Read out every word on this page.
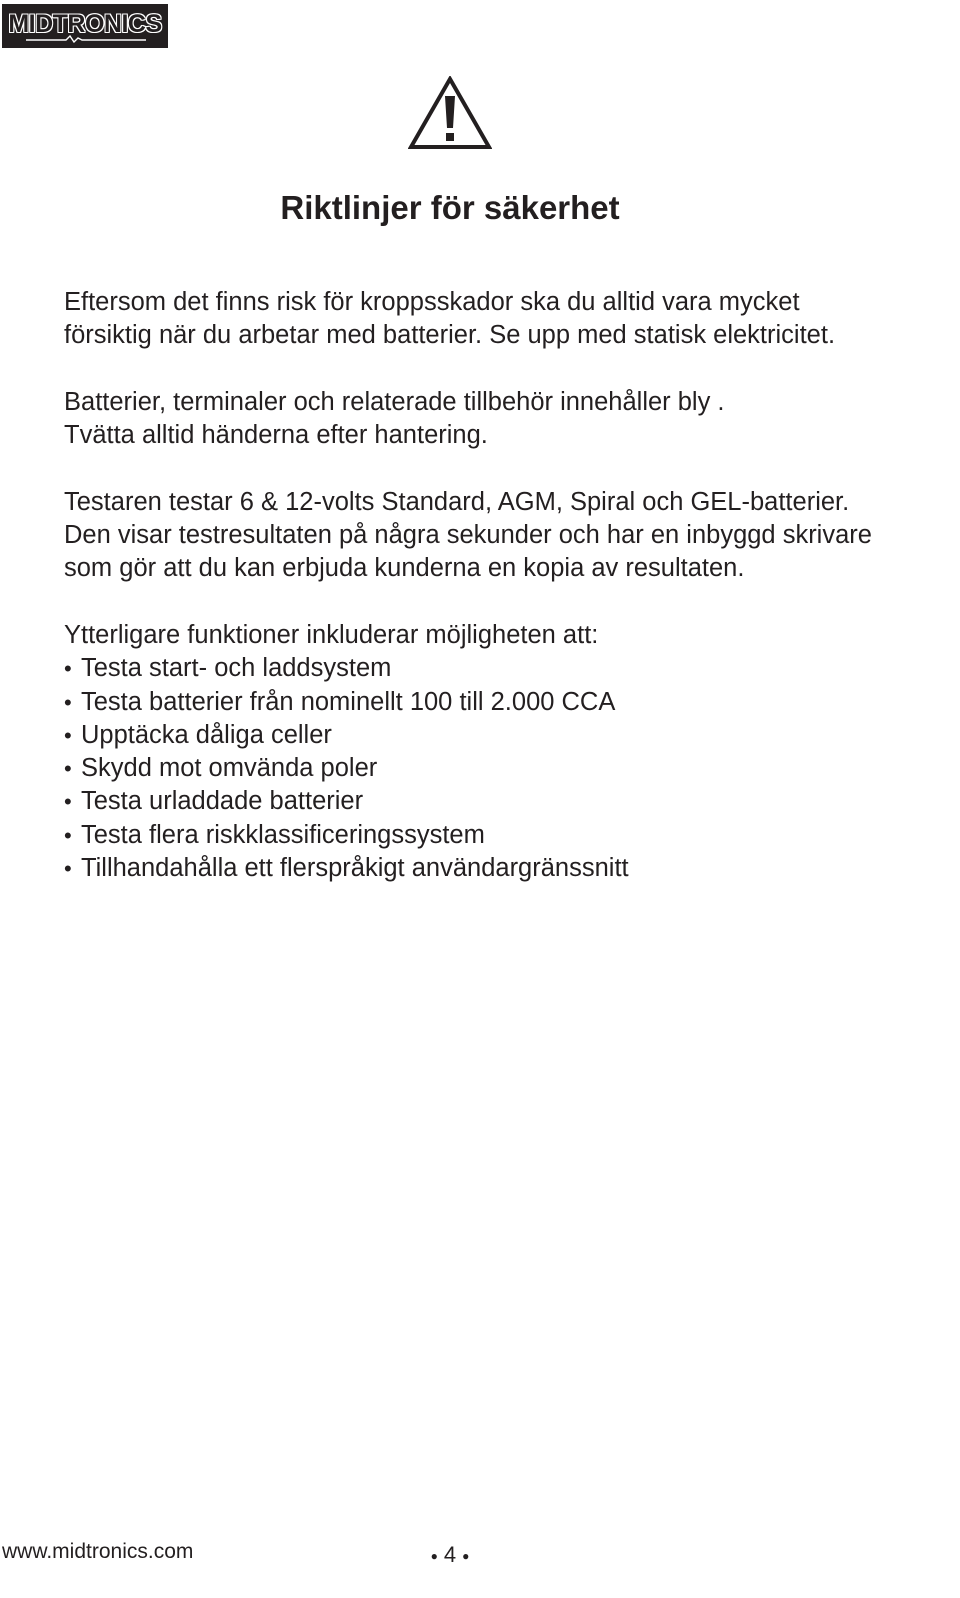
MIDTRONICS
Riktlinjer för säkerhet

Eftersom det finns risk för kroppsskador ska du alltid vara mycket
försiktig när du arbetar med batterier. Se upp med statisk elektricitet.

Batterier, terminaler och relaterade tillbehör innehåller bly .
Tvätta alltid händerna efter hantering.

Testaren testar 6 & 12-volts Standard, AGM, Spiral och GEL-batterier.
Den visar testresultaten på några sekunder och har en inbyggd skrivare
som gör att du kan erbjuda kunderna en kopia av resultaten.

Ytterligare funktioner inkluderar möjligheten att:
• Testa start- och laddsystem
• Testa batterier från nominellt 100 till 2.000 CCA
• Upptäcka dåliga celler
• Skydd mot omvända poler
• Testa urladdade batterier
• Testa flera riskklassificeringssystem
• Tillhandahålla ett flerspråkigt användargränssnitt
www.midtronics.com	● 4 ●
